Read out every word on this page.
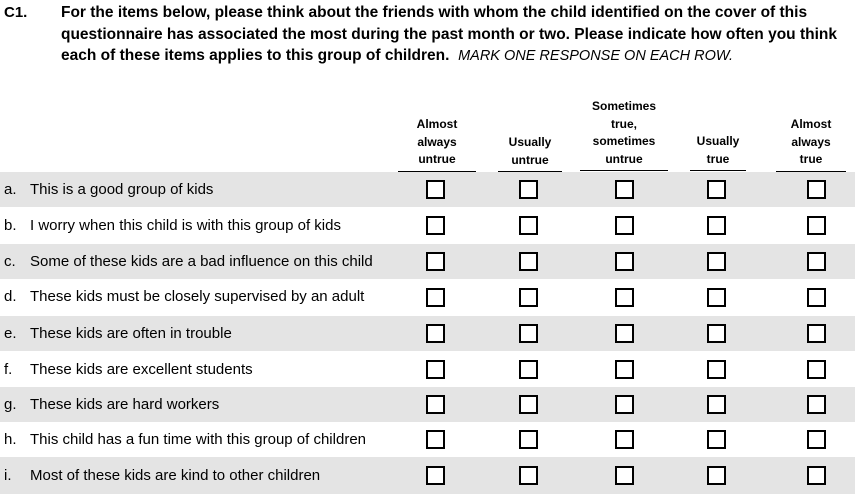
C1. For the items below, please think about the friends with whom the child identified on the cover of this questionnaire has associated the most during the past month or two. Please indicate how often you think each of these items applies to this group of children. MARK ONE RESPONSE ON EACH ROW.
Almost always untrue
Usually untrue
Sometimes true, sometimes untrue
Usually true
Almost always true
a. This is a good group of kids
b. I worry when this child is with this group of kids
c. Some of these kids are a bad influence on this child
d. These kids must be closely supervised by an adult
e. These kids are often in trouble
f. These kids are excellent students
g. These kids are hard workers
h. This child has a fun time with this group of children
i. Most of these kids are kind to other children
